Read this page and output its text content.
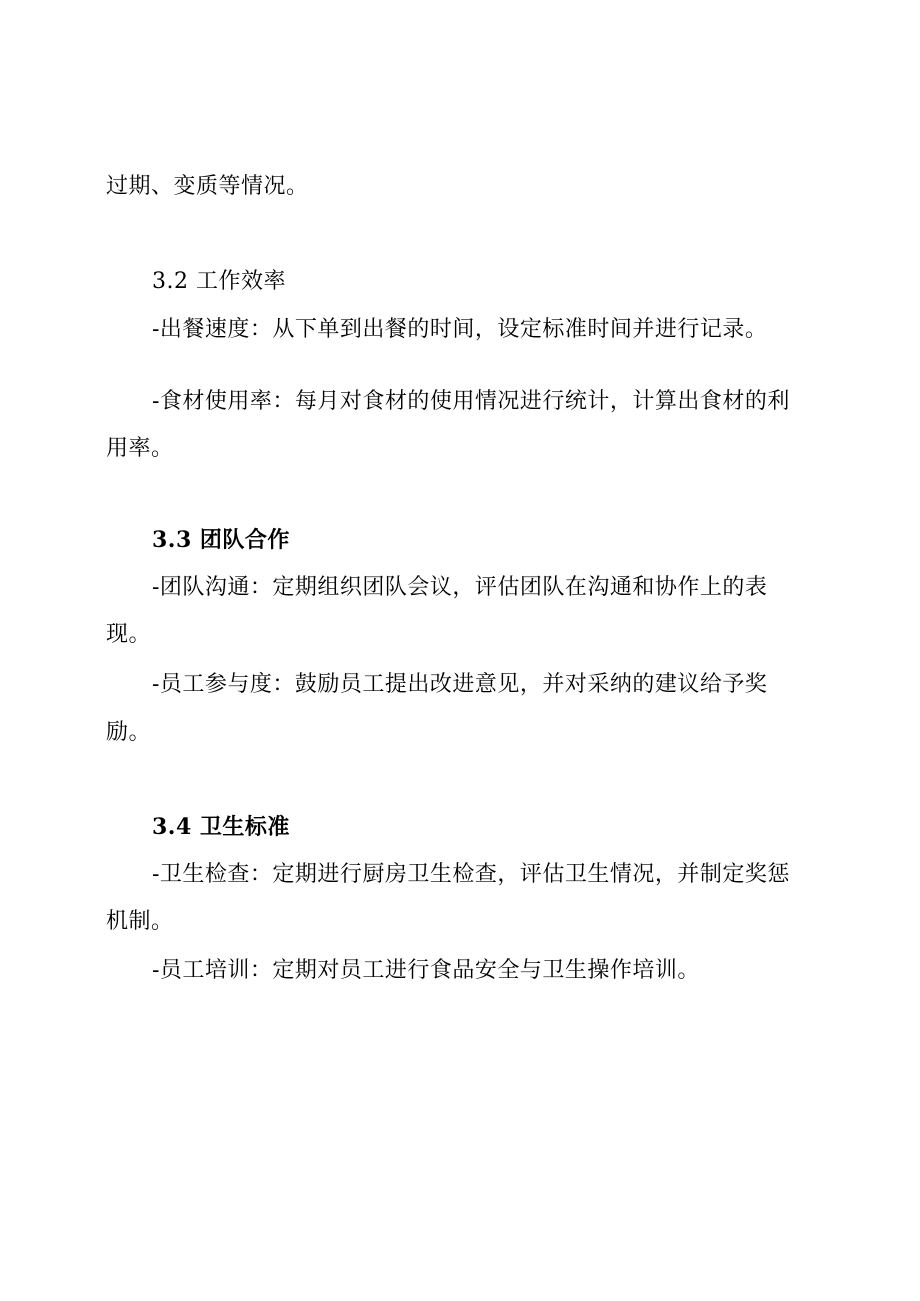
过期、变质等情况。
3.2 工作效率
-出餐速度：从下单到出餐的时间，设定标准时间并进行记录。
-食材使用率：每月对食材的使用情况进行统计，计算出食材的利
用率。
3.3 团队合作
-团队沟通：定期组织团队会议，评估团队在沟通和协作上的表
现。
-员工参与度：鼓励员工提出改进意见，并对采纳的建议给予奖
励。
3.4 卫生标准
-卫生检查：定期进行厨房卫生检查，评估卫生情况，并制定奖惩
机制。
-员工培训：定期对员工进行食品安全与卫生操作培训。
